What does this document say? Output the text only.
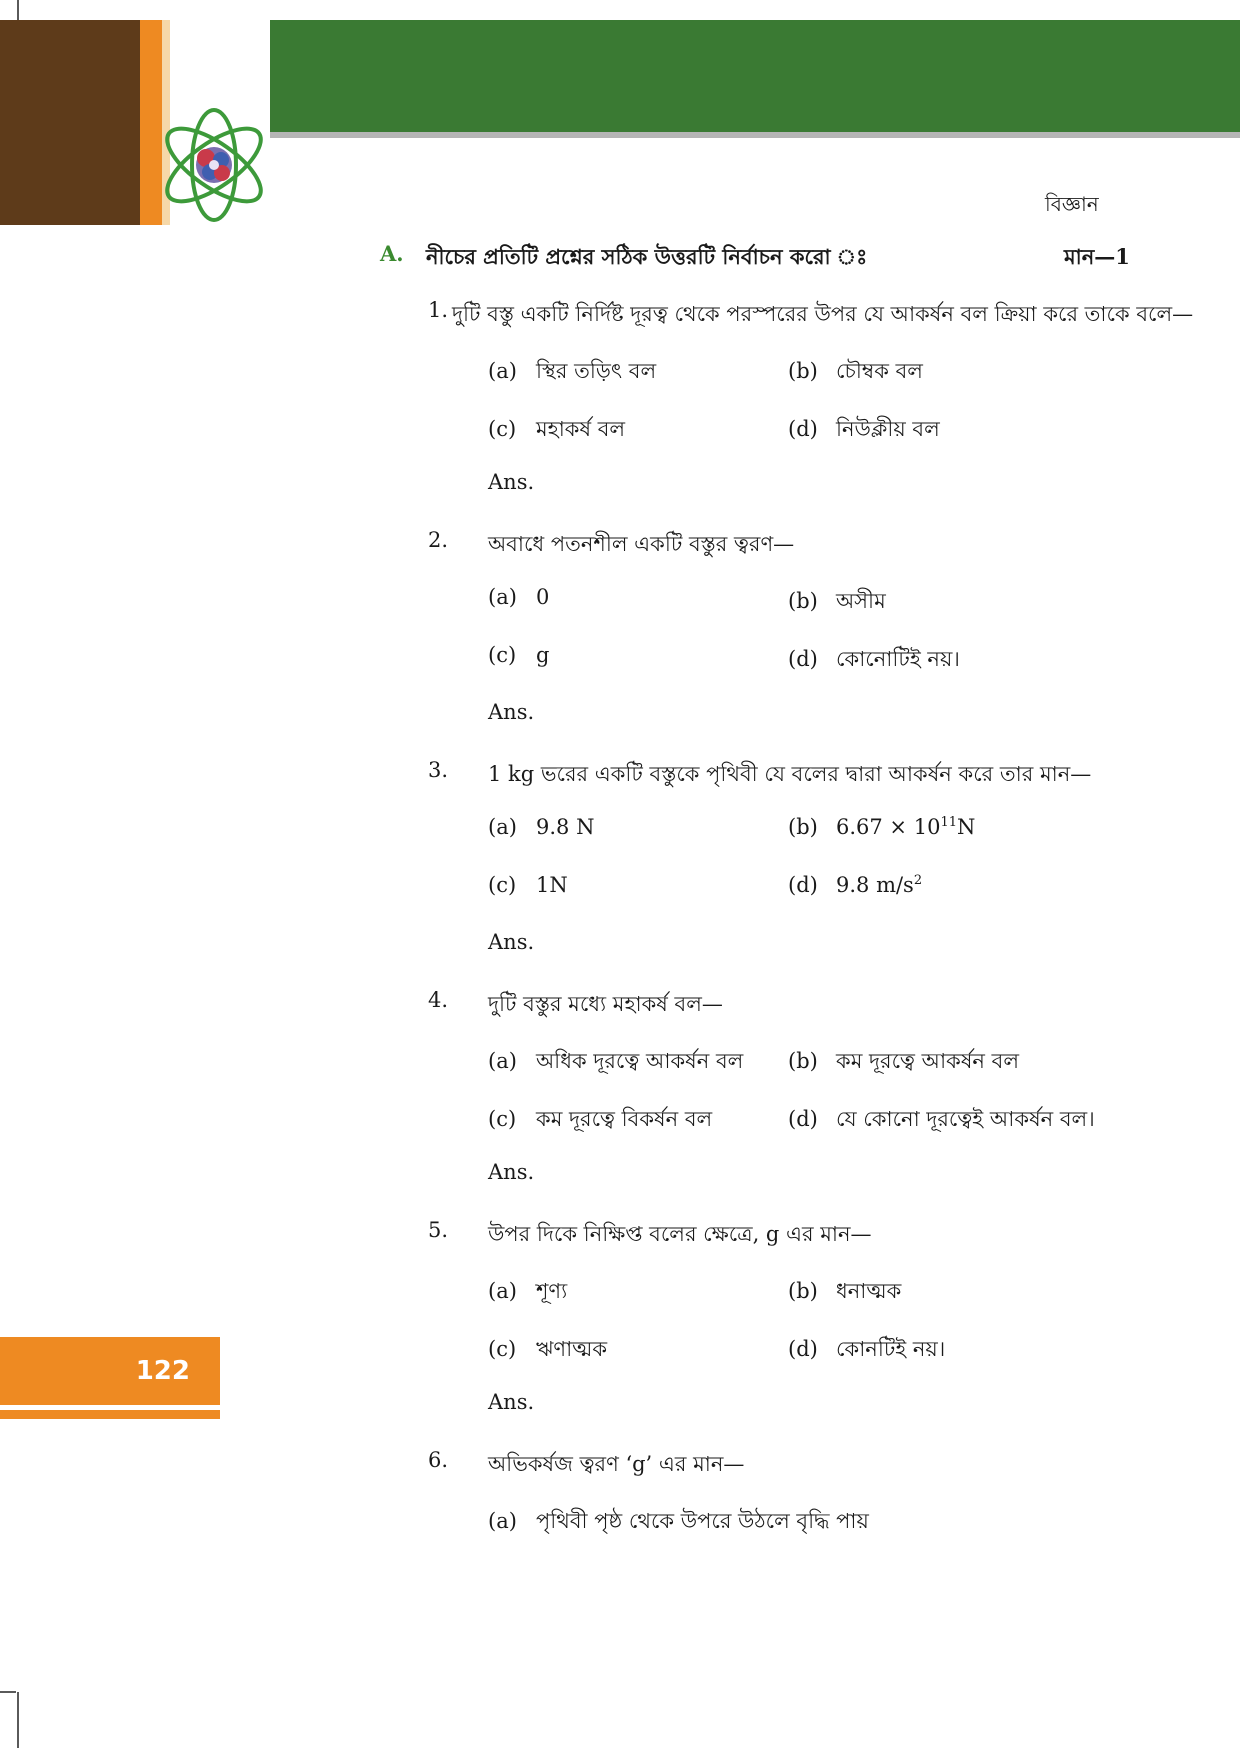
বিজ্ঞান
A. নীচের প্রতিটি প্রশ্নের সঠিক উত্তরটি নির্বাচন করো ঃ	মান—1
1. দুটি বস্তু একটি নির্দিষ্ট দূরত্ব থেকে পরস্পরের উপর যে আকর্ষন বল ক্রিয়া করে তাকে বলে—
(a) স্থির তড়িৎ বল	(b) চৌম্বক বল
(c) মহাকর্ষ বল	(d) নিউক্লীয় বল
Ans.
2. অবাধে পতনশীল একটি বস্তুর ত্বরণ—
(a) 0	(b) অসীম
(c) g	(d) কোনোটিই নয়।
Ans.
3. 1 kg ভরের একটি বস্তুকে পৃথিবী যে বলের দ্বারা আকর্ষন করে তার মান—
(a) 9.8 N	(b) $6.67 \times 10^{11}N$
(c) 1N	(d) 9.8 $m/s^2$
Ans.
4. দুটি বস্তুর মধ্যে মহাকর্ষ বল—
(a) অধিক দূরত্বে আকর্ষন বল (b) কম দূরত্বে আকর্ষন বল
(c) কম দূরত্বে বিকর্ষন বল	(d) যে কোনো দূরত্বেই আকর্ষন বল।
Ans.
5. উপর দিকে নিক্ষিপ্ত বলের ক্ষেত্রে, g এর মান—
(a) শূণ্য	(b) ধনাত্মক
(c) ঋণাত্মক	(d) কোনটিই নয়।
Ans.
6. অভিকর্ষজ ত্বরণ ‘g’ এর মান—
(a) পৃথিবী পৃষ্ঠ থেকে উপরে উঠলে বৃদ্ধি পায়
122
